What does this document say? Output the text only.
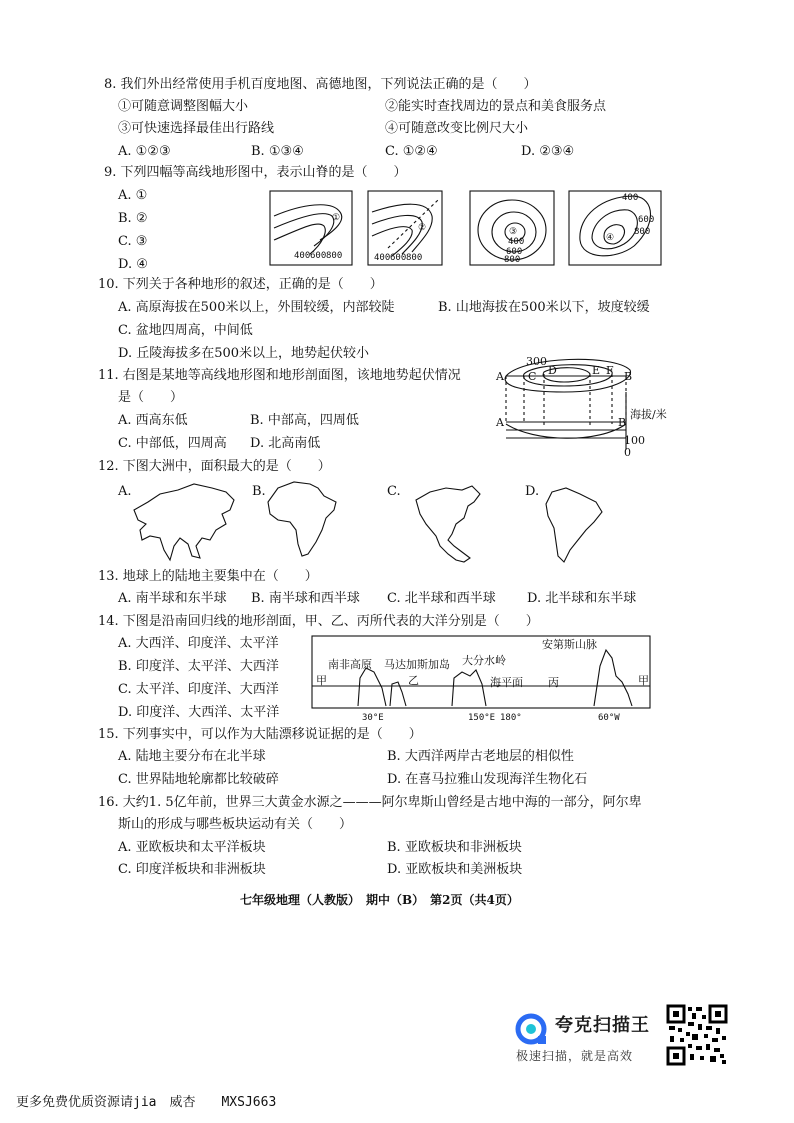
8. 我们外出经常使用手机百度地图、高德地图，下列说法正确的是（　　）
①可随意调整图幅大小	②能实时查找周边的景点和美食服务点
③可快速选择最佳出行路线	④可随意改变比例尺大小
A. ①②③	B. ①③④	C. ①②④	D. ②③④
9. 下列四幅等高线地形图中，表示山脊的是（　　）
A. ①
B. ②
C. ③
D. ④
①
400 600 800
②
400 600 800
③
400
600
800
④
400
600
800
10. 下列关于各种地形的叙述，正确的是（　　）
A. 高原海拔在500米以上，外围较缓，内部较陡	B. 山地海拔在500米以下，坡度较缓
C. 盆地四周高，中间低
D. 丘陵海拔多在500米以上，地势起伏较小
11. 右图是某地等高线地形图和地形剖面图，该地地势起伏情况
是（　　）
A. 西高东低	B. 中部高，四周低
C. 中部低，四周高 D. 北高南低
300
A C D	E F B
A	B
海拔/米
100
0
12. 下图大洲中，面积最大的是（　　）
A.	B.	C.	D.
13. 地球上的陆地主要集中在（　　）
A. 南半球和东半球 B. 南半球和西半球 C. 北半球和西半球 D. 北半球和东半球
14. 下图是沿南回归线的地形剖面，甲、乙、丙所代表的大洋分别是（　　）
A. 大西洋、印度洋、太平洋
B. 印度洋、太平洋、大西洋
C. 太平洋、印度洋、大西洋
D. 印度洋、大西洋、太平洋
安第斯山脉
南非高原 马达加斯加岛 大分水岭
甲	乙	海平面 丙	甲
30°E	150°E 180°	60°W
15. 下列事实中，可以作为大陆漂移说证据的是（　　）
A. 陆地主要分布在北半球	B. 大西洋两岸古老地层的相似性
C. 世界陆地轮廓都比较破碎	D. 在喜马拉雅山发现海洋生物化石
16. 大约1. 5亿年前，世界三大黄金水源之———阿尔卑斯山曾经是古地中海的一部分，阿尔卑
斯山的形成与哪些板块运动有关（　　）
A. 亚欧板块和太平洋板块	B. 亚欧板块和非洲板块
C. 印度洋板块和非洲板块	D. 亚欧板块和美洲板块
七年级地理（人教版）　期中（B）　第2页（共4页）
夸克扫描王
极速扫描，就是高效
更多免费优质资源请jia　威杏　　MXSJ663
